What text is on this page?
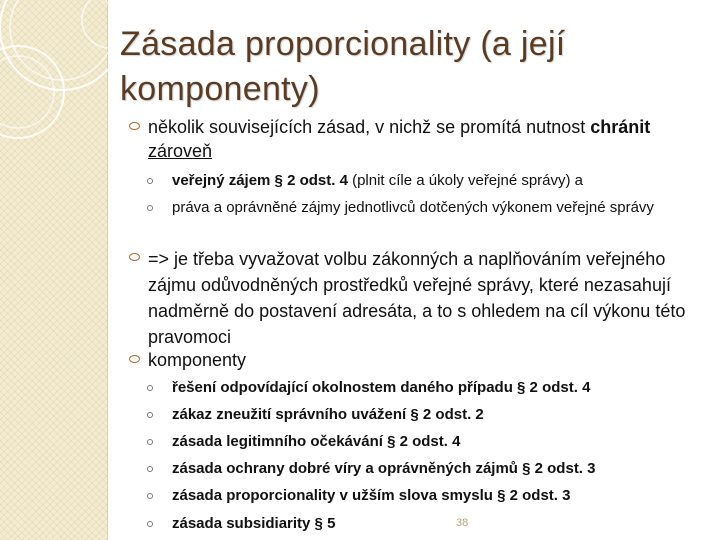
Zásada proporcionality (a její komponenty)
několik souvisejících zásad, v nichž se promítá nutnost chránit
zároveň
veřejný zájem § 2 odst. 4 (plnit cíle a úkoly veřejné správy) a
práva a oprávněné zájmy jednotlivců dotčených výkonem veřejné správy
=> je třeba vyvažovat volbu zákonných a naplňováním veřejného zájmu odůvodněných prostředků veřejné správy, které nezasahují nadměrně do postavení adresáta, a to s ohledem na cíl výkonu této pravomoci
komponenty
řešení odpovídající okolnostem daného případu § 2 odst. 4
zákaz zneužití správního uvážení § 2 odst. 2
zásada legitimního očekávání § 2 odst. 4
zásada ochrany dobré víry a oprávněných zájmů § 2 odst. 3
zásada proporcionality v užším slova smyslu § 2 odst. 3
zásada subsidiarity § 5	38
